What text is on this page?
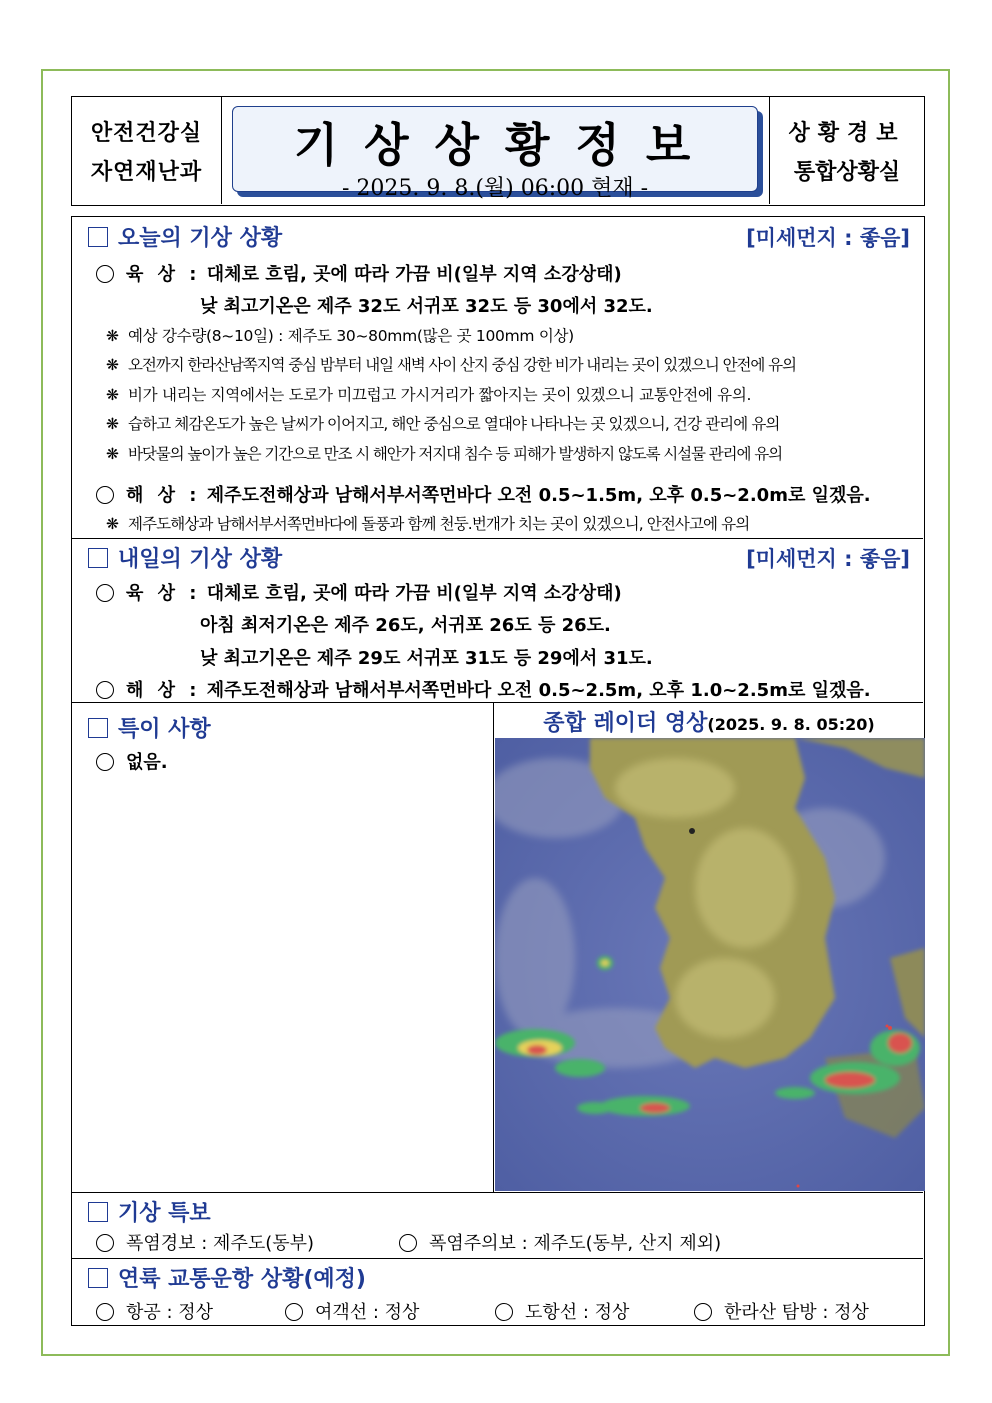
안전건강실
자연재난과	기상상황정보
- 2025. 9. 8.(월) 06:00 현재 -
상황경보
통합상황실
오늘의 기상 상황	[미세먼지 : 좋음]
육 상 : 대체로 흐림, 곳에 따라 가끔 비(일부 지역 소강상태)
낮 최고기온은 제주 32도 서귀포 32도 등 30에서 32도.
❋ 예상 강수량(8~10일) : 제주도 30~80mm(많은 곳 100mm 이상)
❋ 오전까지 한라산남쪽지역 중심 밤부터 내일 새벽 사이 산지 중심 강한 비가 내리는 곳이 있겠으니 안전에 유의
❋ 비가 내리는 지역에서는 도로가 미끄럽고 가시거리가 짧아지는 곳이 있겠으니 교통안전에 유의.
❋ 습하고 체감온도가 높은 날씨가 이어지고, 해안 중심으로 열대야 나타나는 곳 있겠으니, 건강 관리에 유의
❋ 바닷물의 높이가 높은 기간으로 만조 시 해안가 저지대 침수 등 피해가 발생하지 않도록 시설물 관리에 유의
해 상 : 제주도전해상과 남해서부서쪽먼바다 오전 0.5~1.5m, 오후 0.5~2.0m로 일겠음.
❋ 제주도해상과 남해서부서쪽먼바다에 돌풍과 함께 천둥.번개가 치는 곳이 있겠으니, 안전사고에 유의
내일의 기상 상황	[미세먼지 : 좋음]
육 상 : 대체로 흐림, 곳에 따라 가끔 비(일부 지역 소강상태)
아침 최저기온은 제주 26도, 서귀포 26도 등 26도.
낮 최고기온은 제주 29도 서귀포 31도 등 29에서 31도.
해 상 : 제주도전해상과 남해서부서쪽먼바다 오전 0.5~2.5m, 오후 1.0~2.5m로 일겠음.
특이 사항
없음.
종합 레이더 영상(2025. 9. 8. 05:20)
기상 특보
폭염경보 : 제주도(동부)	폭염주의보 : 제주도(동부, 산지 제외)
연륙 교통운항 상황(예정)
항공 : 정상	여객선 : 정상	도항선 : 정상	한라산 탐방 : 정상
